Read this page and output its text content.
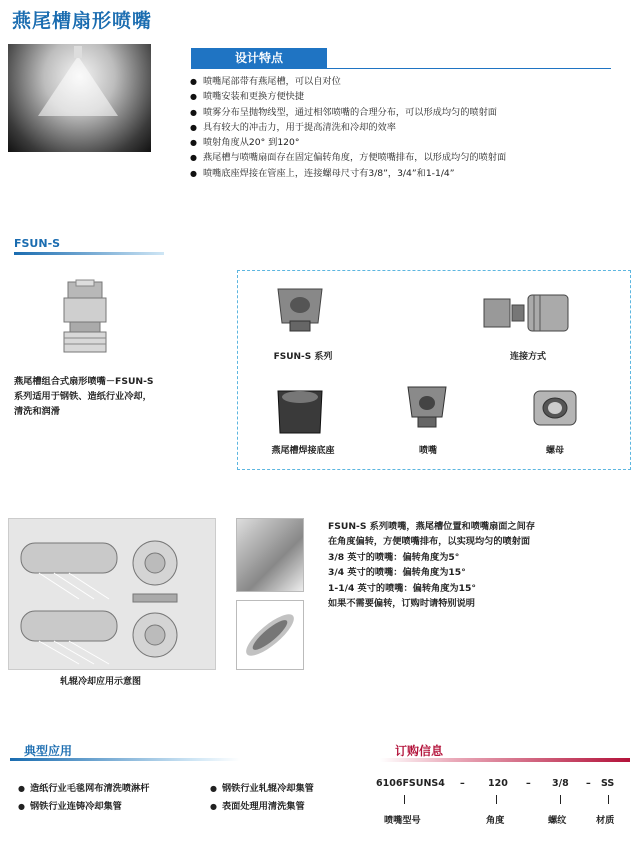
燕尾槽扇形喷嘴
设计特点
● 喷嘴尾部带有燕尾槽，可以自对位
● 喷嘴安装和更换方便快捷
● 喷雾分布呈抛物线型，通过相邻喷嘴的合理分布，可以形成均匀的喷射面
● 具有较大的冲击力，用于提高清洗和冷却的效率
● 喷射角度从20° 到120°
● 燕尾槽与喷嘴扇面存在固定偏转角度，方便喷嘴排布，以形成均匀的喷射面
● 喷嘴底座焊接在管座上，连接螺母尺寸有3/8”，3/4”和1-1/4”
FSUN-S
燕尾槽组合式扇形喷嘴－FSUN-S
系列适用于钢铁、造纸行业冷却，
清洗和润滑
FSUN-S 系列	连接方式
燕尾槽焊接底座	喷嘴	螺母
轧辊冷却应用示意图
FSUN-S 系列喷嘴，燕尾槽位置和喷嘴扇面之间存
在角度偏转，方便喷嘴排布，以实现均匀的喷射面
3/8 英寸的喷嘴：偏转角度为5°
3/4 英寸的喷嘴：偏转角度为15°
1-1/4 英寸的喷嘴：偏转角度为15°
如果不需要偏转，订购时请特别说明
典型应用
● 造纸行业毛毯网布清洗喷淋杆	● 钢铁行业轧辊冷却集管
● 钢铁行业连铸冷却集管	● 表面处理用清洗集管
订购信息
6106FSUNS4 – 120 – 3/8 – SS
喷嘴型号	角度	螺纹	材质
